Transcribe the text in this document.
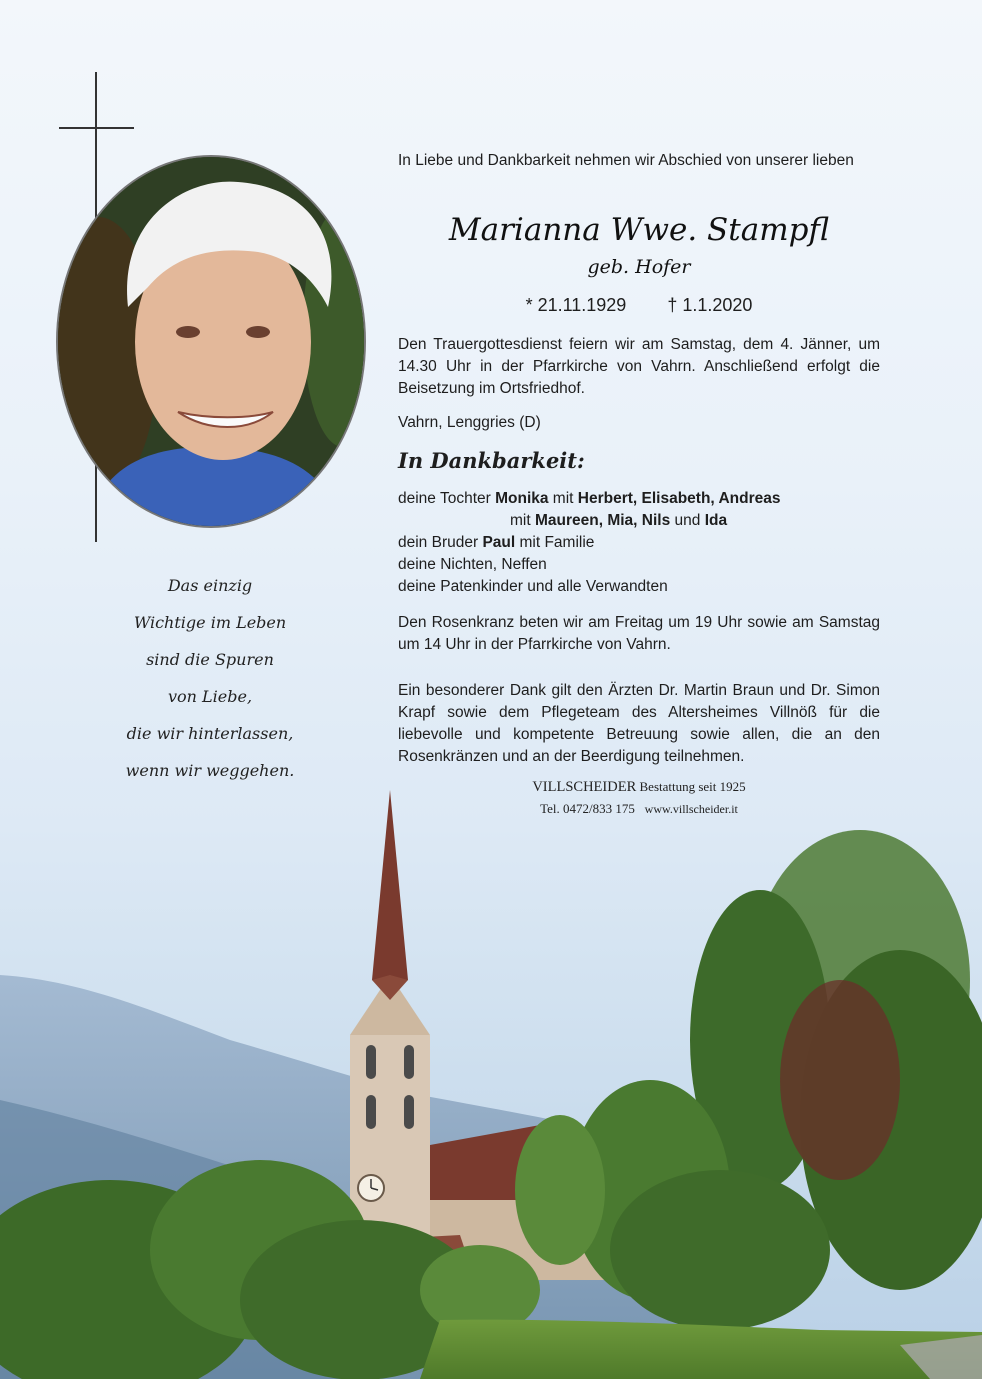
Das einzig
Wichtige im Leben
sind die Spuren
von Liebe,
die wir hinterlassen,
wenn wir weggehen.
In Liebe und Dankbarkeit nehmen wir Abschied von unserer lieben
Marianna Wwe. Stampfl
geb. Hofer
* 21.11.1929 † 1.1.2020
Den Trauergottesdienst feiern wir am Samstag, dem 4. Jänner, um 14.30 Uhr in der Pfarrkirche von Vahrn. Anschließend erfolgt die Beisetzung im Ortsfriedhof.
Vahrn, Lenggries (D)
In Dankbarkeit:
deine Tochter Monika mit Herbert, Elisabeth, Andreas
mit Maureen, Mia, Nils und Ida
dein Bruder Paul mit Familie
deine Nichten, Neffen
deine Patenkinder und alle Verwandten
Den Rosenkranz beten wir am Freitag um 19 Uhr sowie am Samstag um 14 Uhr in der Pfarrkirche von Vahrn.
Ein besonderer Dank gilt den Ärzten Dr. Martin Braun und Dr. Simon Krapf sowie dem Pflegeteam des Altersheimes Villnöß für die liebevolle und kompetente Betreuung sowie allen, die an den Rosenkränzen und an der Beerdigung teilnehmen.
VILLSCHEIDER Bestattung seit 1925
Tel. 0472/833 175 www.villscheider.it
